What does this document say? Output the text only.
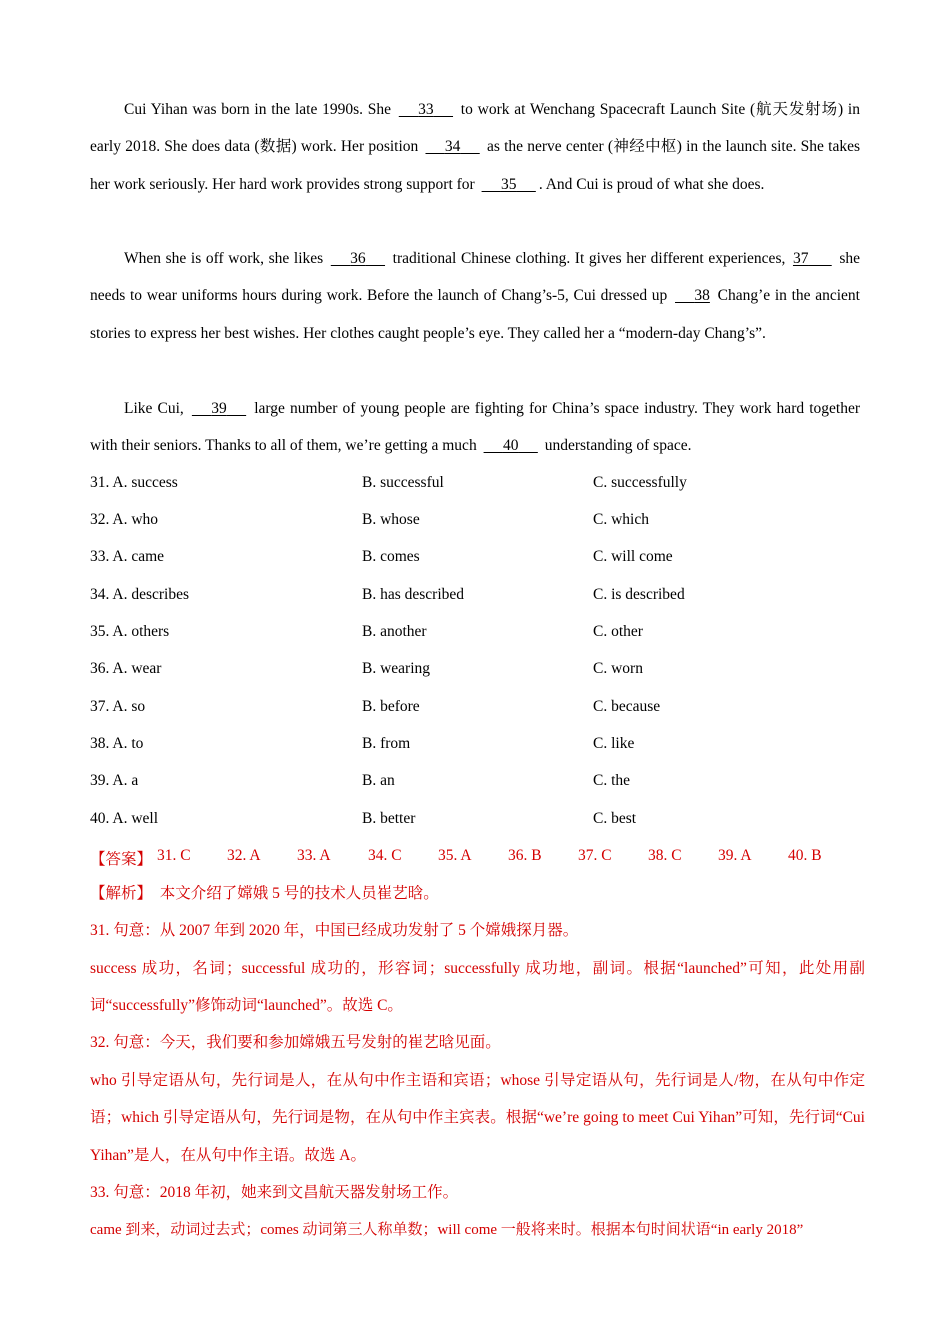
Cui Yihan was born in the late 1990s. She      33      to work at Wenchang Spacecraft Launch Site (航天发射场) in early 2018. She does data (数据) work. Her position      34      as the nerve center (神经中枢) in the launch site. She takes her work seriously. Her hard work provides strong support for      35 . And Cui is proud of what she does.

When she is off work, she likes      36      traditional Chinese clothing. It gives her different experiences, 37       she needs to wear uniforms hours during work. Before the launch of Chang’s-5, Cui dressed up      38 Chang’e in the ancient stories to express her best wishes. Her clothes caught people’s eye. They called her a “modern-day Chang’s”.

Like Cui,      39      large number of young people are fighting for China’s space industry. They work hard together with their seniors. Thanks to all of them, we’re getting a much      40      understanding of space.

31. A. success	B. successful	C. successfully
32. A. who	B. whose	C. which
33. A. came	B. comes	C. will come
34. A. describes	B. has described	C. is described
35. A. others	B. another	C. other
36. A. wear	B. wearing	C. worn
37. A. so	B. before	C. because
38. A. to	B. from	C. like
39. A. a	B. an	C. the
40. A. well	B. better	C. best
【答案】 31. C 32. A 33. A 34. C 35. A 36. B 37. C 38. C 39. A 40. B
【解析】 本文介绍了嫦娥 5 号的技术人员崔艺晗。
31. 句意：从 2007 年到 2020 年，中国已经成功发射了 5 个嫦娥探月器。
success 成功，名词；successful 成功的，形容词；successfully 成功地，副词。根据“launched”可知，此处用副词“successfully”修饰动词“launched”。故选 C。
32. 句意：今天，我们要和参加嫦娥五号发射的崔艺晗见面。
who 引导定语从句，先行词是人，在从句中作主语和宾语；whose 引导定语从句，先行词是人/物，在从句中作定语；which 引导定语从句，先行词是物，在从句中作主宾表。根据“we’re going to meet Cui Yihan”可知，先行词“Cui Yihan”是人，在从句中作主语。故选 A。
33. 句意：2018 年初，她来到文昌航天器发射场工作。
came 到来，动词过去式；comes 动词第三人称单数；will come 一般将来时。根据本句时间状语“in early 2018”
